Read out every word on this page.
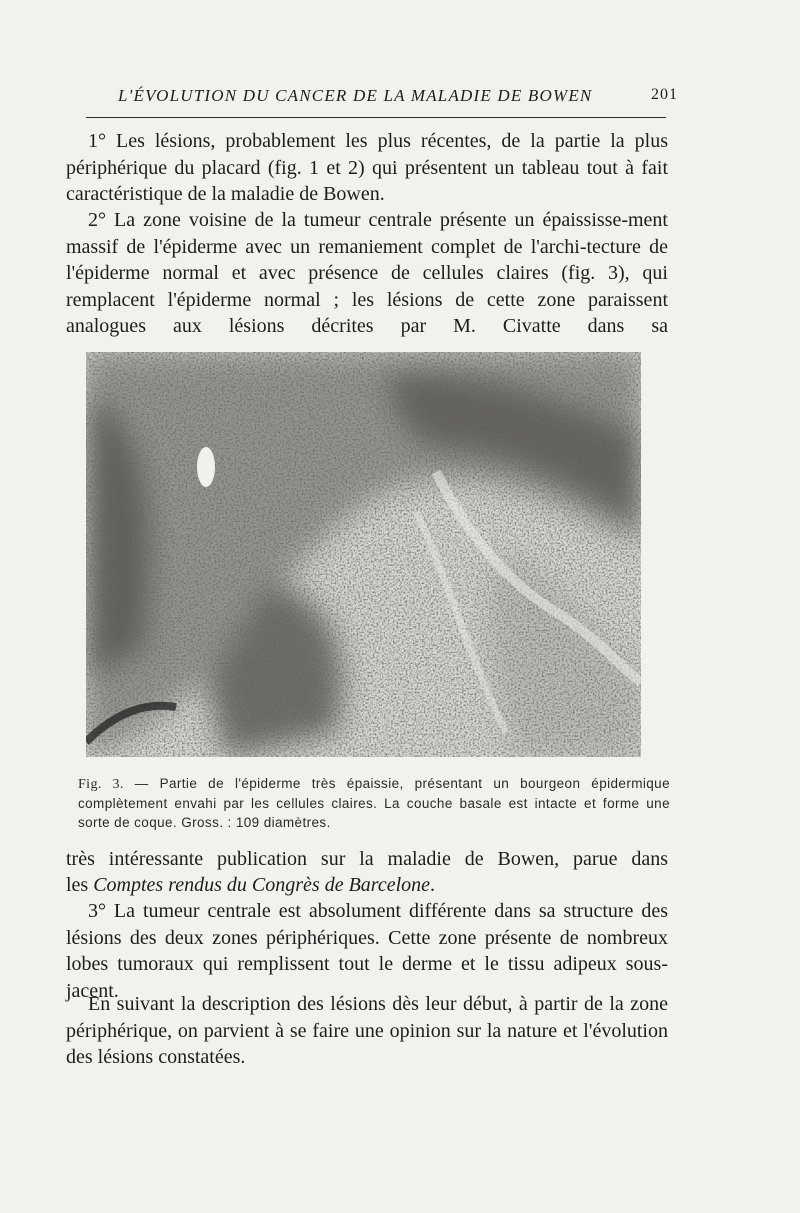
L'ÉVOLUTION DU CANCER DE LA MALADIE DE BOWEN	201

1° Les lésions, probablement les plus récentes, de la partie la plus périphérique du placard (fig. 1 et 2) qui présentent un tableau tout à fait caractéristique de la maladie de Bowen.

2° La zone voisine de la tumeur centrale présente un épaississe-ment massif de l'épiderme avec un remaniement complet de l'archi-tecture de l'épiderme normal et avec présence de cellules claires (fig. 3), qui remplacent l'épiderme normal ; les lésions de cette zone paraissent analogues aux lésions décrites par M. Civatte dans sa

Fig. 3. — Partie de l'épiderme très épaissie, présentant un bourgeon épidermique complètement envahi par les cellules claires. La couche basale est intacte et forme une sorte de coque. Gross. : 109 diamètres.

très intéressante publication sur la maladie de Bowen, parue dans

les Comptes rendus du Congrès de Barcelone.

3° La tumeur centrale est absolument différente dans sa structure des lésions des deux zones périphériques. Cette zone présente de nombreux lobes tumoraux qui remplissent tout le derme et le tissu adipeux sous-jacent.

En suivant la description des lésions dès leur début, à partir de la zone périphérique, on parvient à se faire une opinion sur la nature et l'évolution des lésions constatées.
